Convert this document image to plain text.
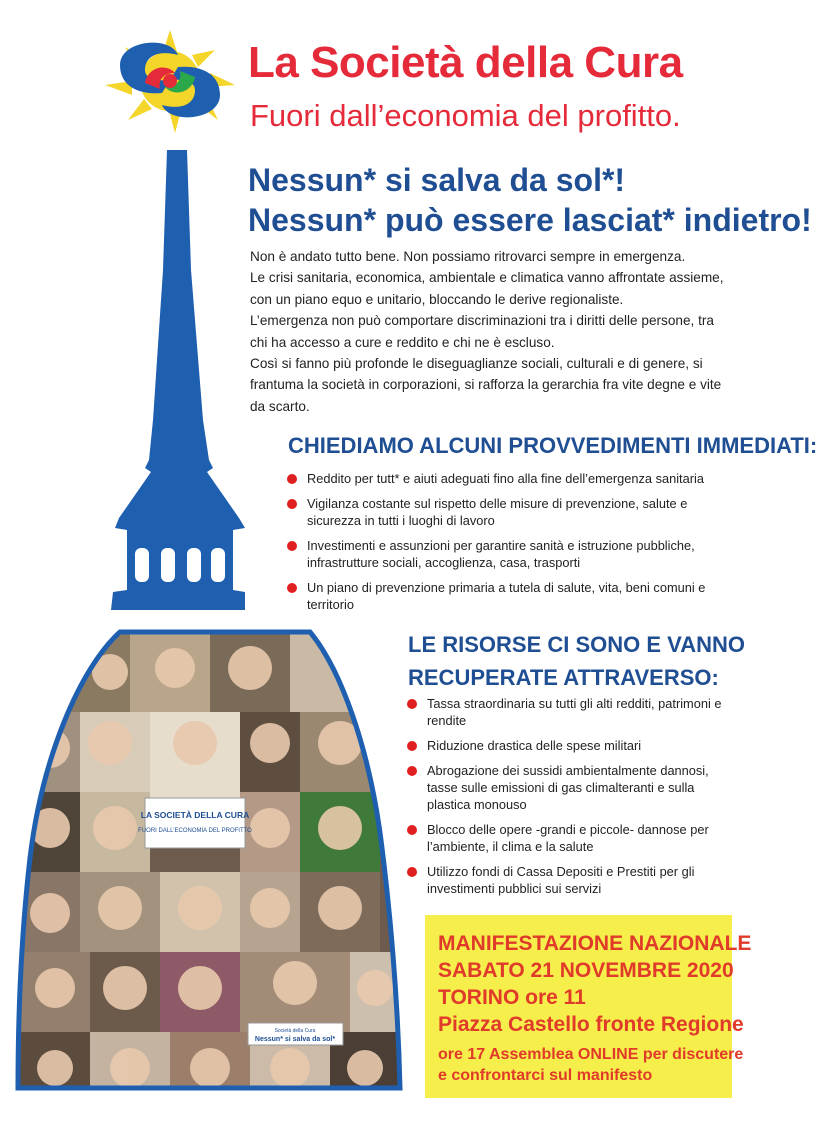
La Società della Cura
Fuori dall’economia del profitto.
Nessun* si salva da sol*!
Nessun* può essere lasciat* indietro!

Non è andato tutto bene. Non possiamo ritrovarci sempre in emergenza.

Le crisi sanitaria, economica, ambientale e climatica vanno affrontate assieme, con un piano equo e unitario, bloccando le derive regionaliste.

L’emergenza non può comportare discriminazioni tra i diritti delle persone, tra chi ha accesso a cure e reddito e chi ne è escluso.

Così si fanno più profonde le diseguaglianze sociali, culturali e di genere, si frantuma la società in corporazioni, si rafforza la gerarchia fra vite degne e vite da scarto.

CHIEDIAMO ALCUNI PROVVEDIMENTI IMMEDIATI:
Reddito per tutt* e aiuti adeguati fino alla fine dell’emergenza sanitaria
Vigilanza costante sul rispetto delle misure di prevenzione, salute e sicurezza in tutti i luoghi di lavoro
Investimenti e assunzioni per garantire sanità e istruzione pubbliche, infrastrutture sociali, accoglienza, casa, trasporti
Un piano di prevenzione primaria a tutela di salute, vita, beni comuni e territorio
LE RISORSE CI SONO E VANNO
RECUPERATE ATTRAVERSO:
Tassa straordinaria su tutti gli alti redditi, patrimoni e rendite
Riduzione drastica delle spese militari
Abrogazione dei sussidi ambientalmente dannosi, tasse sulle emissioni di gas climalteranti e sulla plastica monouso
Blocco delle opere -grandi e piccole- dannose per l’ambiente, il clima e la salute
Utilizzo fondi di Cassa Depositi e Prestiti per gli investimenti pubblici sui servizi
LA SOCIETÀ DELLA CURA
FUORI DALL’ECONOMIA DEL PROFITTO
Società della Cura
Nessun* si salva da sol*
MANIFESTAZIONE NAZIONALE
SABATO 21 NOVEMBRE 2020
TORINO ore 11
Piazza Castello fronte Regione
ore 17 Assemblea ONLINE per discutere
e confrontarci sul manifesto
